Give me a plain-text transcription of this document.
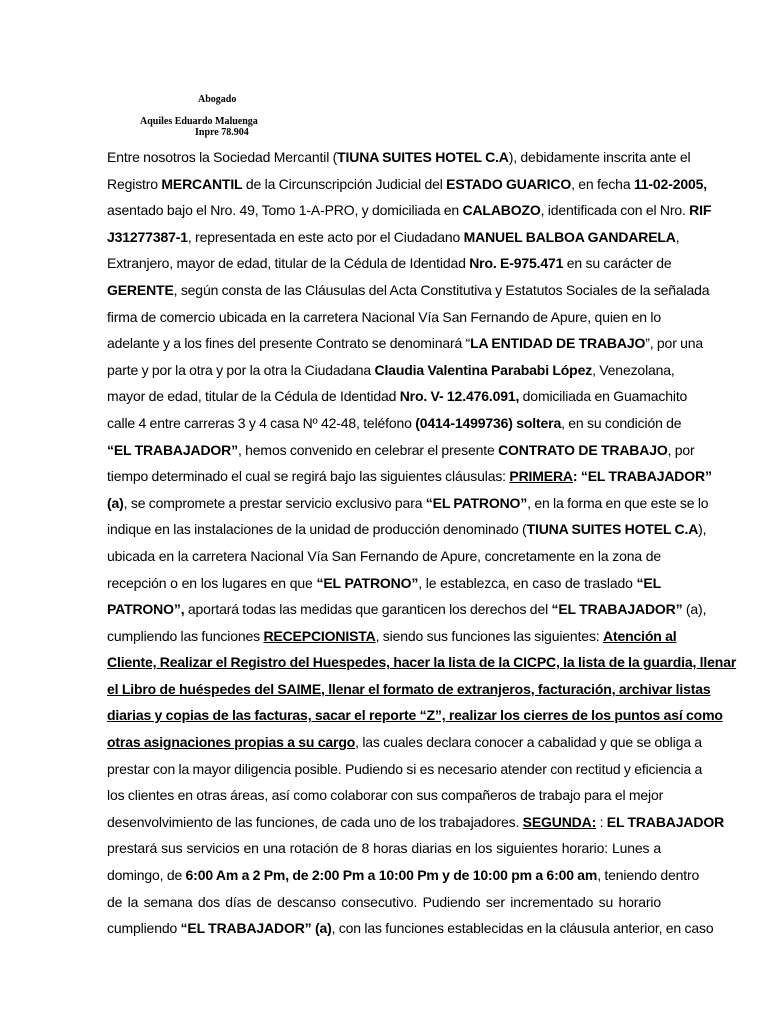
Abogado
Aquiles Eduardo Maluenga
Inpre 78.904
Entre nosotros la Sociedad Mercantil (TIUNA SUITES HOTEL C.A), debidamente inscrita ante el
Registro MERCANTIL de la Circunscripción Judicial del ESTADO GUARICO, en fecha 11-02-2005,
asentado bajo el Nro. 49, Tomo 1-A-PRO, y domiciliada en CALABOZO, identificada con el Nro. RIF
J31277387-1, representada en este acto por el Ciudadano MANUEL BALBOA GANDARELA,
Extranjero, mayor de edad, titular de la Cédula de Identidad Nro. E-975.471 en su carácter de
GERENTE, según consta de las Cláusulas del Acta Constitutiva y Estatutos Sociales de la señalada
firma de comercio ubicada en la carretera Nacional Vía San Fernando de Apure, quien en lo
adelante y a los fines del presente Contrato se denominará “LA ENTIDAD DE TRABAJO”, por una
parte y por la otra y por la otra la Ciudadana Claudia Valentina Parababi López, Venezolana,
mayor de edad, titular de la Cédula de Identidad Nro. V- 12.476.091, domiciliada en Guamachito
calle 4 entre carreras 3 y 4 casa Nº 42-48, teléfono (0414-1499736) soltera, en su condición de
“EL TRABAJADOR”, hemos convenido en celebrar el presente CONTRATO DE TRABAJO, por
tiempo determinado el cual se regirá bajo las siguientes cláusulas: PRIMERA: “EL TRABAJADOR”
(a), se compromete a prestar servicio exclusivo para “EL PATRONO”, en la forma en que este se lo
indique en las instalaciones de la unidad de producción denominado (TIUNA SUITES HOTEL C.A),
ubicada en la carretera Nacional Vía San Fernando de Apure, concretamente en la zona de
recepción o en los lugares en que “EL PATRONO”, le establezca, en caso de traslado “EL
PATRONO”, aportará todas las medidas que garanticen los derechos del “EL TRABAJADOR” (a),
cumpliendo las funciones RECEPCIONISTA, siendo sus funciones las siguientes: Atención al
Cliente, Realizar el Registro del Huespedes, hacer la lista de la CICPC, la lista de la guardia, llenar
el Libro de huéspedes del SAIME, llenar el formato de extranjeros, facturación, archivar listas
diarias y copias de las facturas, sacar el reporte “Z”, realizar los cierres de los puntos así como
otras asignaciones propias a su cargo, las cuales declara conocer a cabalidad y que se obliga a
prestar con la mayor diligencia posible. Pudiendo si es necesario atender con rectitud y eficiencia a
los clientes en otras áreas, así como colaborar con sus compañeros de trabajo para el mejor
desenvolvimiento de las funciones, de cada uno de los trabajadores. SEGUNDA: : EL TRABAJADOR
prestará sus servicios en una rotación de 8 horas diarias en los siguientes horario: Lunes a
domingo, de 6:00 Am a 2 Pm, de 2:00 Pm a 10:00 Pm y de 10:00 pm a 6:00 am, teniendo dentro
de la semana dos días de descanso consecutivo. Pudiendo ser incrementado su horario
cumpliendo “EL TRABAJADOR” (a), con las funciones establecidas en la cláusula anterior, en caso
